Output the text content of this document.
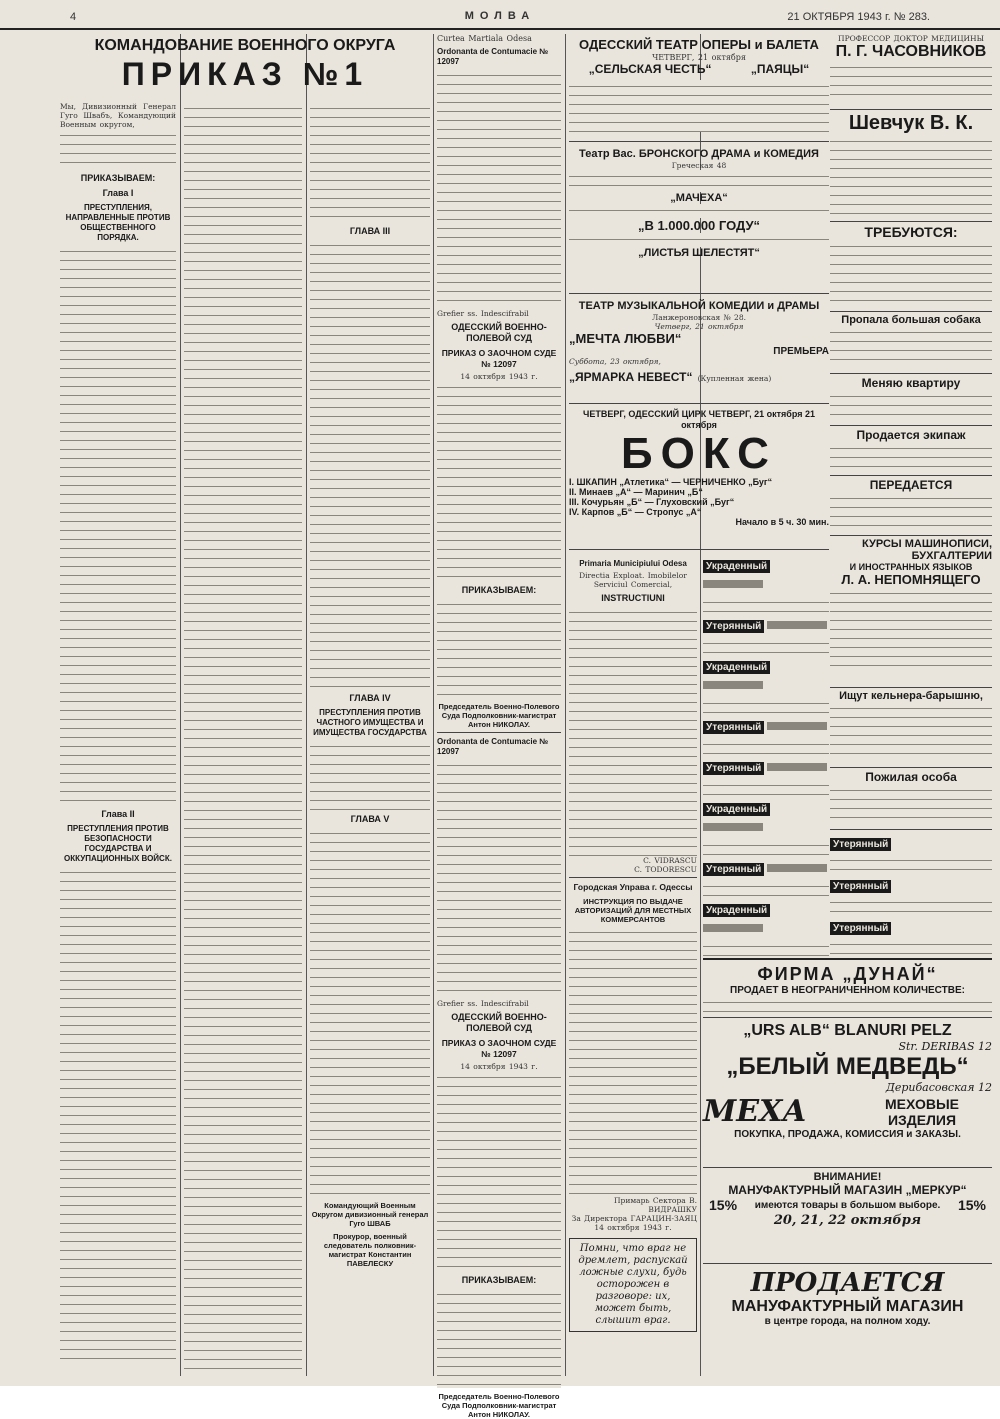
4	МОЛВА	21 ОКТЯБРЯ 1943 г. № 283.
КОМАНДОВАНИЕ ВОЕННОГО ОКРУГА
ПРИКАЗ №1
Мы, Дивизионный Генерал Гуго Швабъ, Командующий Военным округом,
ПРИКАЗЫВАЕМ:
Глава I
ПРЕСТУПЛЕНИЯ, НАПРАВЛЕННЫЕ ПРОТИВ ОБЩЕСТВЕННОГО ПОРЯДКА.
Глава II
ПРЕСТУПЛЕНИЯ ПРОТИВ БЕЗОПАСНОСТИ ГОСУДАРСТВА И ОККУПАЦИОННЫХ ВОЙСК.
ГЛАВА III
ГЛАВА IV
ПРЕСТУПЛЕНИЯ ПРОТИВ ЧАСТНОГО ИМУЩЕСТВА И ИМУЩЕСТВА ГОСУДАРСТВА
ГЛАВА V
Командующий Военным Округом дивизионный генерал Гуго ШВАБ
Прокурор, военный следователь полковник-магистрат Константин ПАВЕЛЕСКУ
Curtea Martiala Odesa
Ordonanta de Contumacie № 12097
Grefier ss. Indescifrabil
ОДЕССКИЙ ВОЕННО-ПОЛЕВОЙ СУД
ПРИКАЗ О ЗАОЧНОМ СУДЕ № 12097
14 октября 1943 г.
ПРИКАЗЫВАЕМ:
Председатель Военно-Полевого Суда Подполковник-магистрат Антон НИКОЛАУ.
Ordonanta de Contumacie № 12097
Grefier ss. Indescifrabil
ОДЕССКИЙ ВОЕННО-ПОЛЕВОЙ СУД
ПРИКАЗ О ЗАОЧНОМ СУДЕ № 12097
14 октября 1943 г.
ПРИКАЗЫВАЕМ:
Председатель Военно-Полевого Суда Подполковник-магистрат Антон НИКОЛАУ.
ОДЕССКИЙ ТЕАТР ОПЕРЫ и БАЛЕТА
ЧЕТВЕРГ, 21 октября
„СЕЛЬСКАЯ ЧЕСТЬ“	„ПАЯЦЫ“
Театр Вас. БРОНСКОГО ДРАМА и КОМЕДИЯ
Греческая 48
„МАЧЕХА“
„В 1.000.000 ГОДУ“
„ЛИСТЬЯ ШЕЛЕСТЯТ“
ТЕАТР МУЗЫКАЛЬНОЙ КОМЕДИИ и ДРАМЫ
Ланжероновская № 28.
Четверг, 21 октября
„МЕЧТА ЛЮБВИ“
ПРЕМЬЕРА
Суббота, 23 октября,
„ЯРМАРКА НЕВЕСТ“ (Купленная жена)
ЧЕТВЕРГ, ОДЕССКИЙ ЦИРК ЧЕТВЕРГ, 21 октября 21 октября
БОКС
I. ШКАПИН „Атлетика“ — ЧЕРНИЧЕНКО „Буг“
II. Минаев „А“ — Маринич „Б“
III. Кочурьян „Б“ — Глуховский „Буг“
IV. Карпов „Б“ — Стропус „А“
Начало в 5 ч. 30 мин.
Primaria Municipiului Odesa
Directia Exploat. Imobilelor Serviciul Comercial,
INSTRUCTIUNI
C. VIDRASCU
C. TODORESCU
Городская Управа г. Одессы
ИНСТРУКЦИЯ ПО ВЫДАЧЕ АВТОРИЗАЦИЙ ДЛЯ МЕСТНЫХ КОММЕРСАНТОВ
Примарь Сектора В. ВИДРАШКУ
За Директора ГАРАЦИН-ЗАЯЦ
14 октября 1943 г.
Помни, что враг не дремлет, распускай ложные слухи, будь осторожен в разговоре: их, может быть, слышит враг.
Украденный
Утерянный
Украденный
Утерянный
Утерянный
Украденный
Утерянный
Украденный
ПРОФЕССОР ДОКТОР МЕДИЦИНЫ
П. Г. ЧАСОВНИКОВ
Шевчук В. К.
ТРЕБУЮТСЯ:
Пропала большая собака
Меняю квартиру
Продается экипаж
ПЕРЕДАЕТСЯ
КУРСЫ МАШИНОПИСИ, БУХГАЛТЕРИИ
И ИНОСТРАННЫХ ЯЗЫКОВ
Л. А. НЕПОМНЯЩЕГО
Ищут кельнера-барышню,
Пожилая особа
Утерянный
Утерянный
Утерянный
ФИРМА „ДУНАЙ“
ПРОДАЕТ В НЕОГРАНИЧЕННОМ КОЛИЧЕСТВЕ:
„URS ALB“ BLANURI PELZ
Str. DERIBAS 12
„БЕЛЫЙ МЕДВЕДЬ“
Дерибасовская 12
МЕХА	МЕХОВЫЕ ИЗДЕЛИЯ
ПОКУПКА, ПРОДАЖА, КОМИССИЯ и ЗАКАЗЫ.
ВНИМАНИЕ!
МАНУФАКТУРНЫЙ МАГАЗИН „МЕРКУР“
15% имеются товары в большом выборе. 15%
20, 21, 22 октября
ПРОДАЕТСЯ
МАНУФАКТУРНЫЙ МАГАЗИН
в центре города, на полном ходу.
